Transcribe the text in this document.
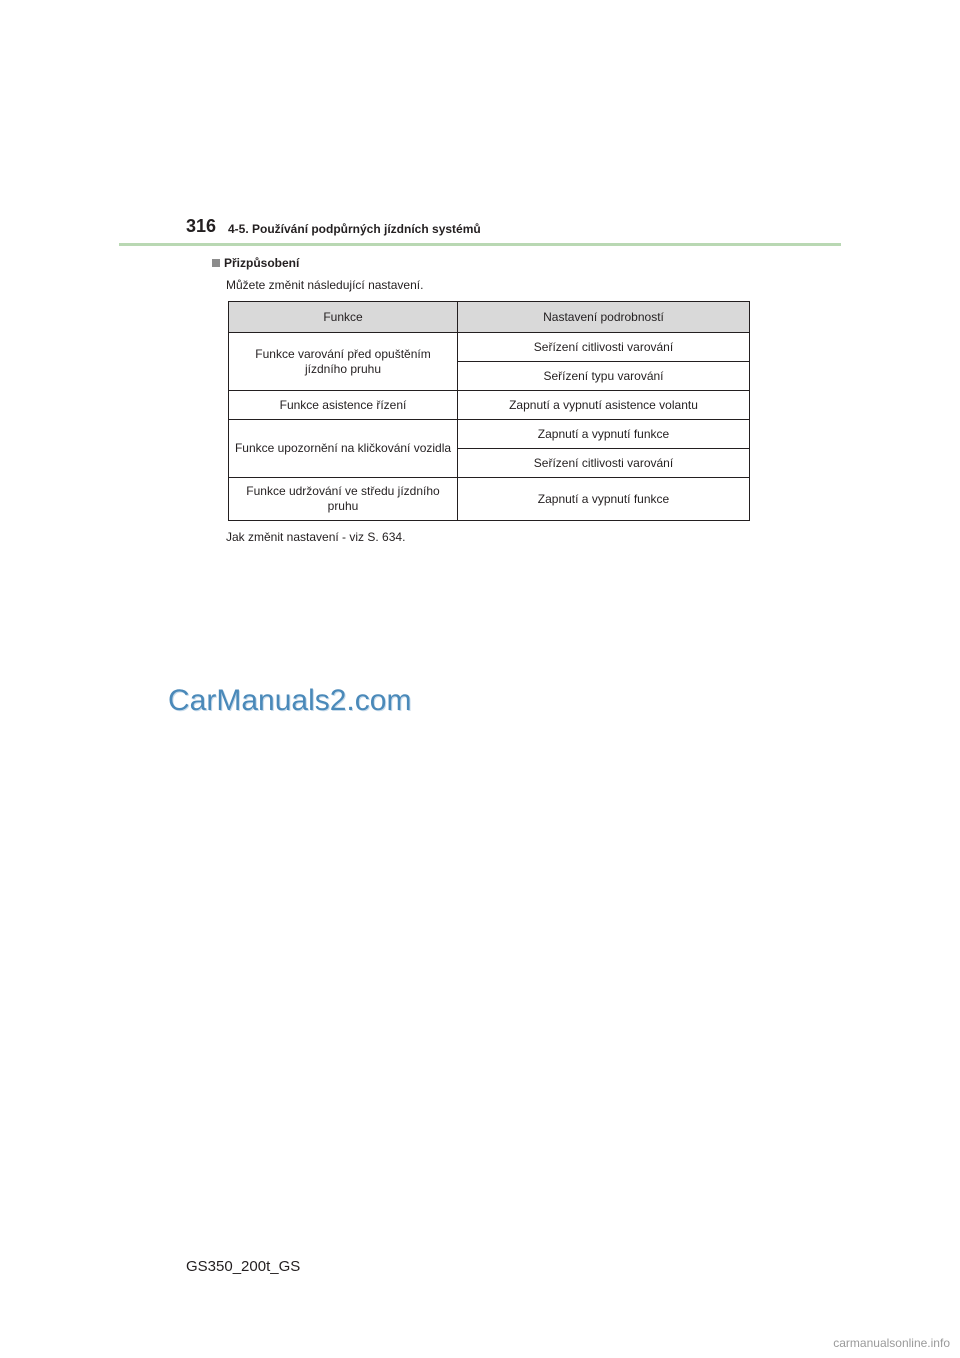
316 4-5. Používání podpůrných jízdních systémů
Přizpůsobení
Můžete změnit následující nastavení.
Funkce	Nastavení podrobností
Funkce varování před opuštěním jízdního pruhu	Seřízení citlivosti varování
	Seřízení typu varování
Funkce asistence řízení	Zapnutí a vypnutí asistence volantu
Funkce upozornění na kličkování vozidla	Zapnutí a vypnutí funkce
	Seřízení citlivosti varování
Funkce udržování ve středu jízdního pruhu	Zapnutí a vypnutí funkce
Jak změnit nastavení - viz S. 634.
CarManuals2.com
GS350_200t_GS
carmanualsonline.info
